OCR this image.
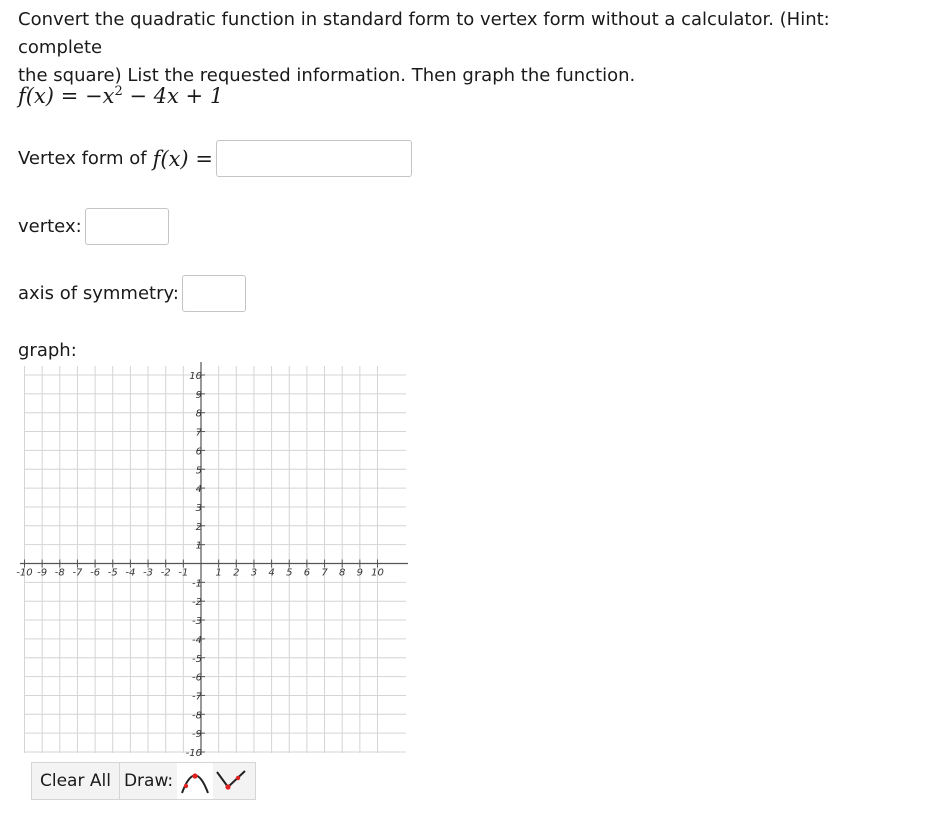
Convert the quadratic function in standard form to vertex form without a calculator. (Hint: complete
the square) List the requested information. Then graph the function.

$f(x) = -x^2 - 4x + 1$
Vertex form of f(x) =
vertex:
axis of symmetry:
graph:
-10 -9 -8 -7 -6 -5 -4 -3 -2 -1	1 2 3 4 5 6 7 8 9 10
10
9
8
7
6
5
4
3
2
1
-1
-2
-3
-4
-5
-6
-7
-8
-9
-10
Clear All Draw:
